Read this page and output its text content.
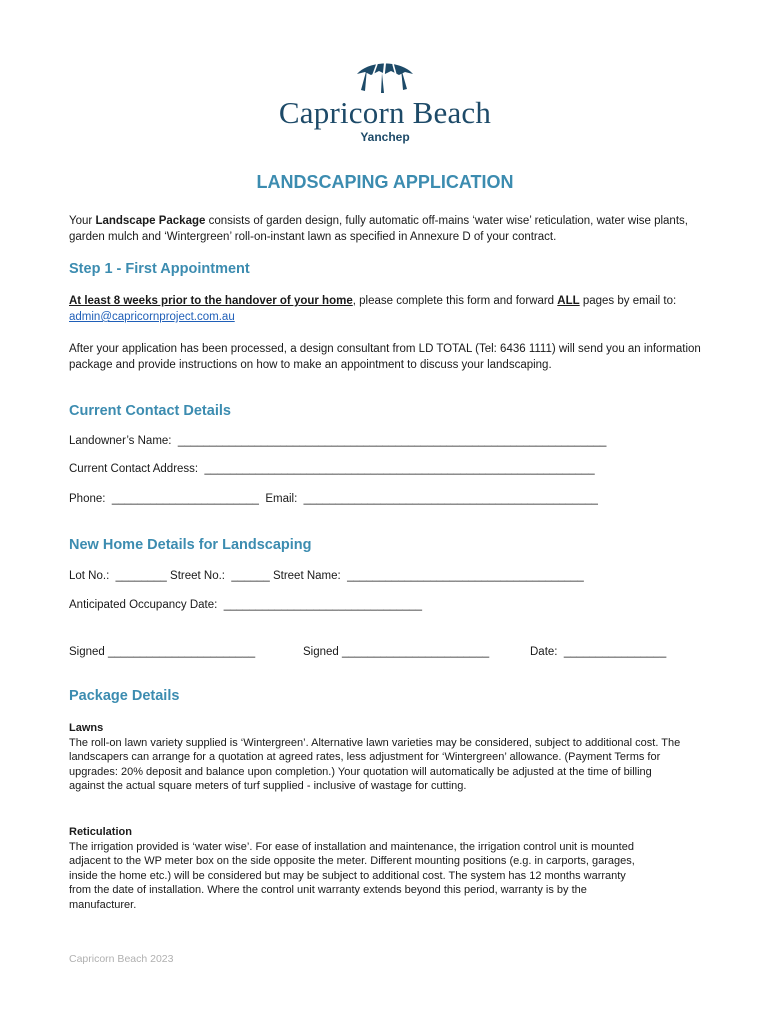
Capricorn Beach
Yanchep
LANDSCAPING APPLICATION
Your Landscape Package consists of garden design, fully automatic off-mains ‘water wise’ reticulation, water wise plants, garden mulch and ‘Wintergreen’ roll-on-instant lawn as specified in Annexure D of your contract.
Step 1 - First Appointment
At least 8 weeks prior to the handover of your home, please complete this form and forward ALL pages by email to: admin@capricornproject.com.au
After your application has been processed, a design consultant from LD TOTAL (Tel: 6436 1111) will send you an information package and provide instructions on how to make an appointment to discuss your landscaping.
Current Contact Details
Landowner’s Name:  ___________________________________________________________________
Current Contact Address:  _____________________________________________________________
Phone:  _______________________  Email:  ______________________________________________
New Home Details for Landscaping
Lot No.:  ________ Street No.:  ______ Street Name:  _____________________________________
Anticipated Occupancy Date:  _______________________________
Signed _______________________	Signed _______________________	Date:  ________________
Package Details
Lawns
The roll-on lawn variety supplied is ‘Wintergreen’. Alternative lawn varieties may be considered, subject to additional cost. The landscapers can arrange for a quotation at agreed rates, less adjustment for ‘Wintergreen’ allowance. (Payment Terms for upgrades: 20% deposit and balance upon completion.) Your quotation will automatically be adjusted at the time of billing against the actual square meters of turf supplied - inclusive of wastage for cutting.
Reticulation
The irrigation provided is ‘water wise’. For ease of installation and maintenance, the irrigation control unit is mounted adjacent to the WP meter box on the side opposite the meter. Different mounting positions (e.g. in carports, garages, inside the home etc.) will be considered but may be subject to additional cost. The system has 12 months warranty from the date of installation. Where the control unit warranty extends beyond this period, warranty is by the manufacturer.
Capricorn Beach 2023
